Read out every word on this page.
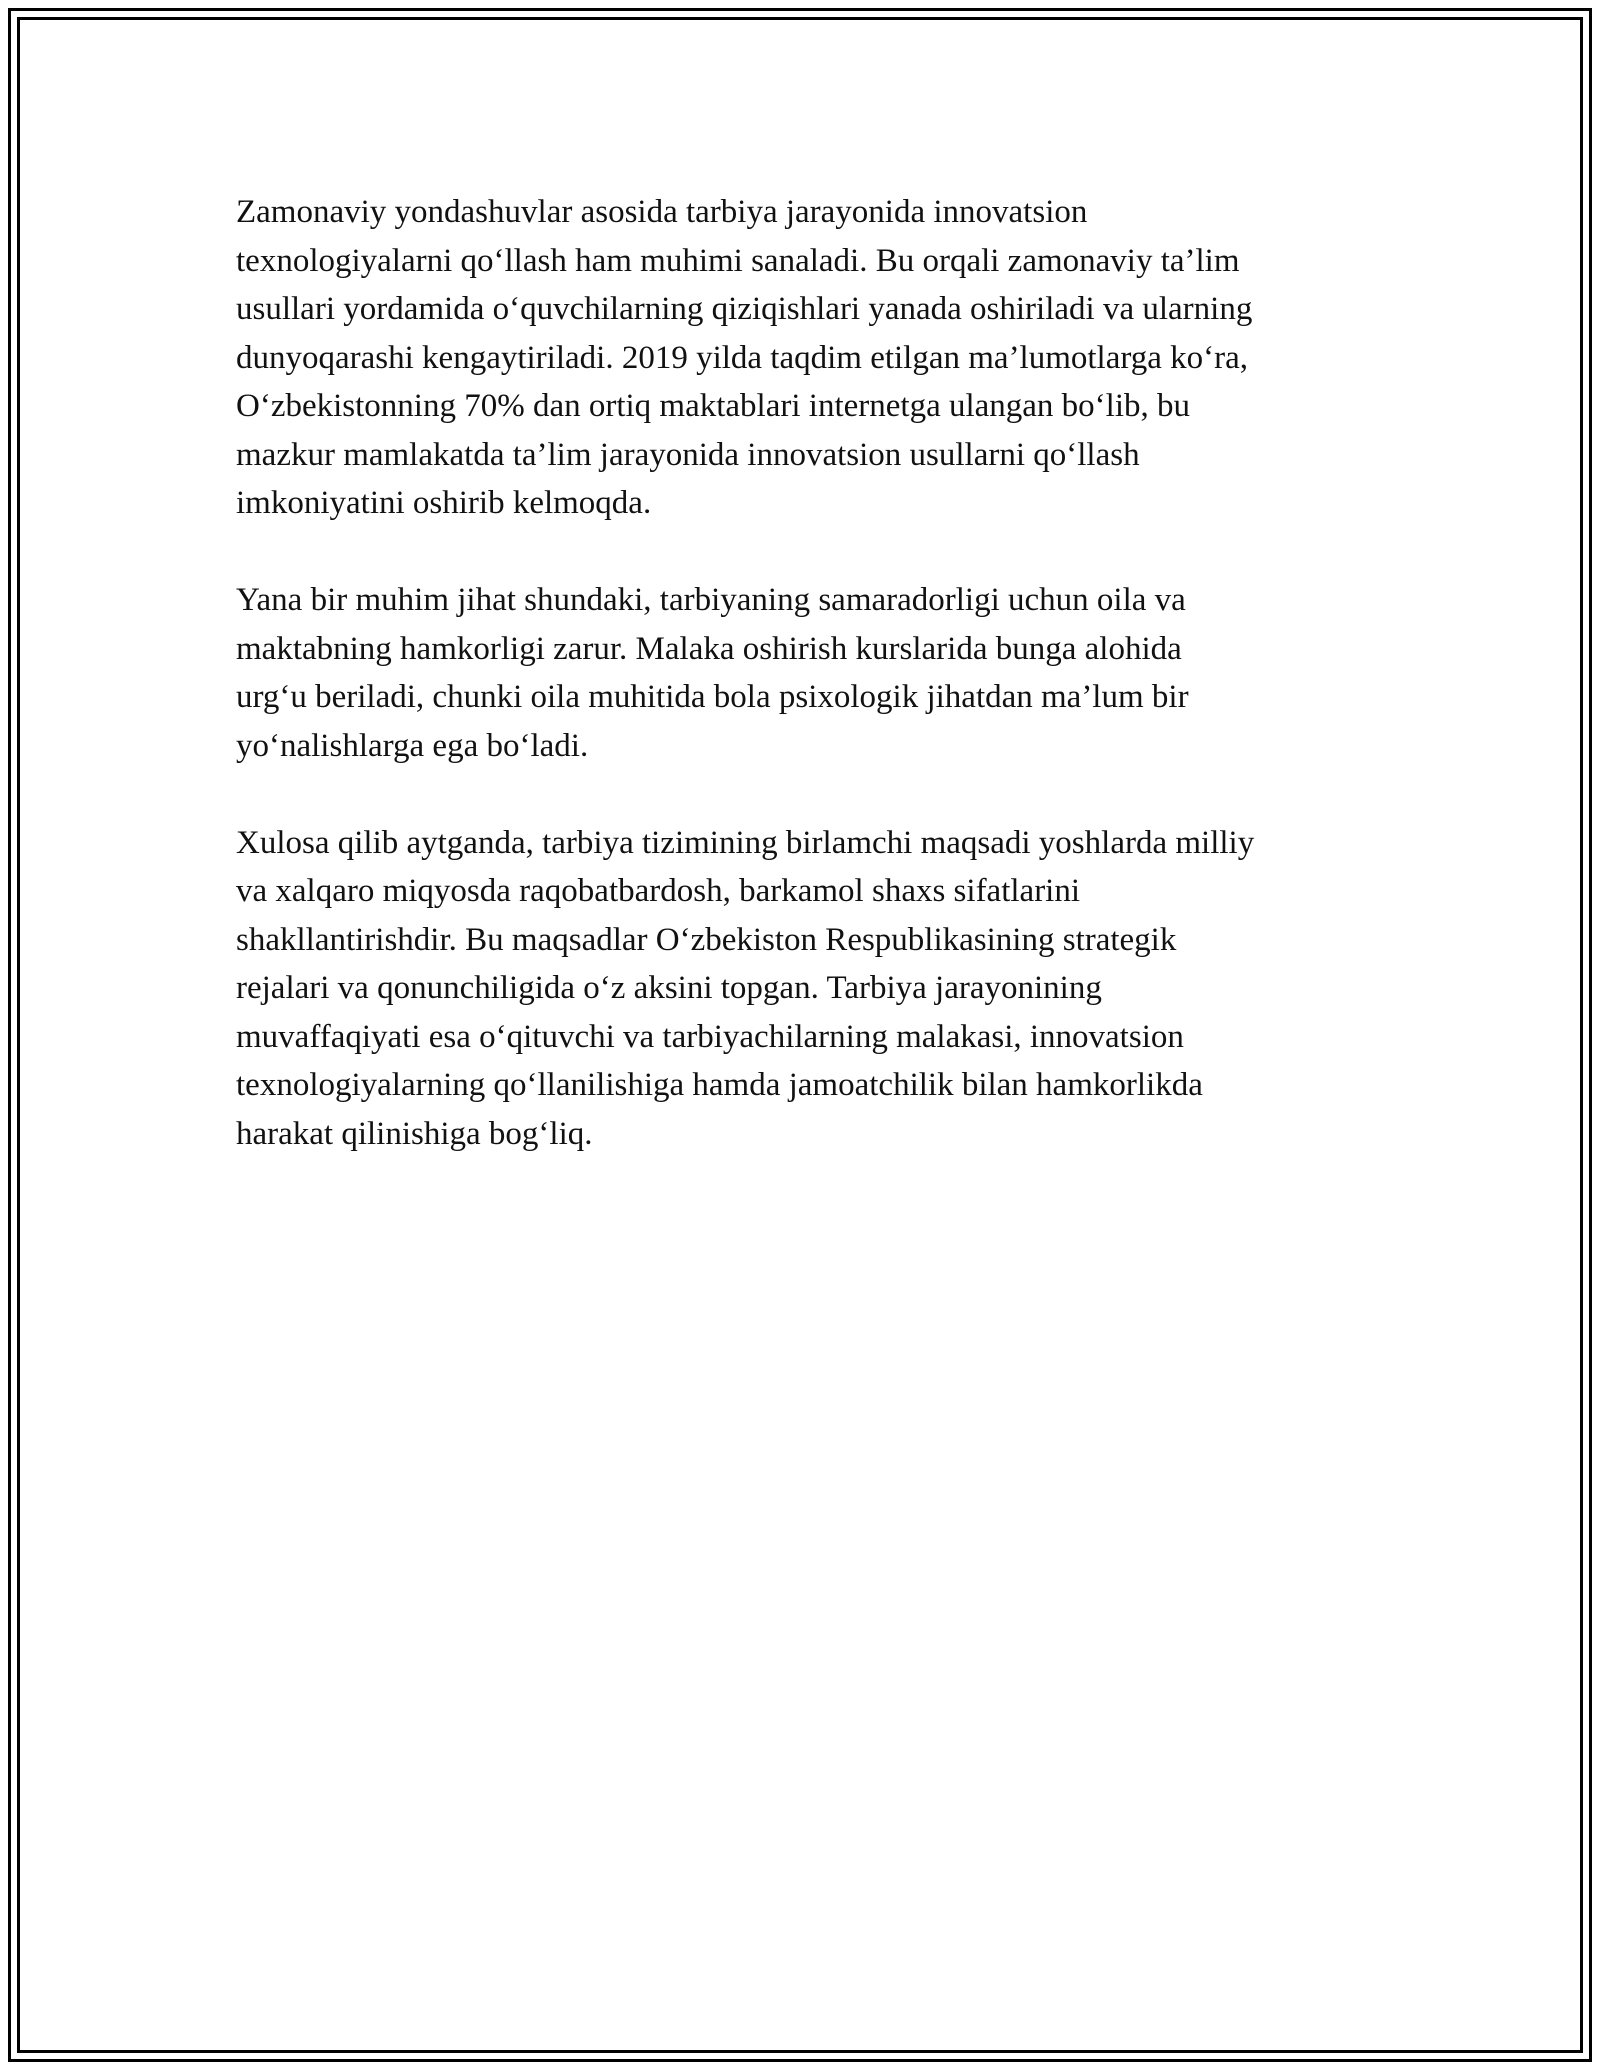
Zamonaviy yondashuvlar asosida tarbiya jarayonida innovatsion
texnologiyalarni qo‘llash ham muhimi sanaladi. Bu orqali zamonaviy ta’lim
usullari yordamida o‘quvchilarning qiziqishlari yanada oshiriladi va ularning
dunyoqarashi kengaytiriladi. 2019 yilda taqdim etilgan ma’lumotlarga ko‘ra,
O‘zbekistonning 70% dan ortiq maktablari internetga ulangan bo‘lib, bu
mazkur mamlakatda ta’lim jarayonida innovatsion usullarni qo‘llash
imkoniyatini oshirib kelmoqda.

Yana bir muhim jihat shundaki, tarbiyaning samaradorligi uchun oila va
maktabning hamkorligi zarur. Malaka oshirish kurslarida bunga alohida
urg‘u beriladi, chunki oila muhitida bola psixologik jihatdan ma’lum bir
yo‘nalishlarga ega bo‘ladi.

Xulosa qilib aytganda, tarbiya tizimining birlamchi maqsadi yoshlarda milliy
va xalqaro miqyosda raqobatbardosh, barkamol shaxs sifatlarini
shakllantirishdir. Bu maqsadlar O‘zbekiston Respublikasining strategik
rejalari va qonunchiligida o‘z aksini topgan. Tarbiya jarayonining
muvaffaqiyati esa o‘qituvchi va tarbiyachilarning malakasi, innovatsion
texnologiyalarning qo‘llanilishiga hamda jamoatchilik bilan hamkorlikda
harakat qilinishiga bog‘liq.
